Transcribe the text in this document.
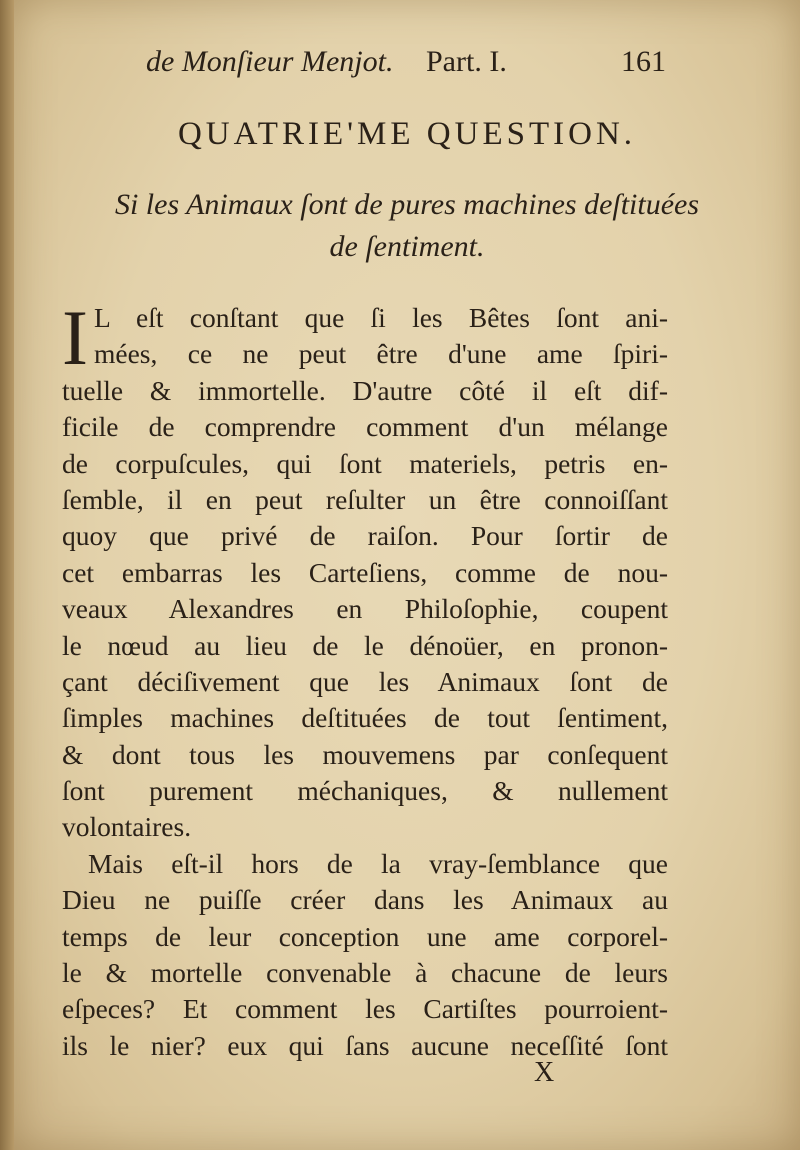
de Monſieur Menjot. Part. I.	161
QUATRIE'ME QUESTION.
Si les Animaux ſont de pures machines deſtituées
de ſentiment.
I L eſt conſtant que ſi les Bêtes ſont ani-
mées, ce ne peut être d'une ame ſpiri-
tuelle & immortelle. D'autre côté il eſt dif-
ficile de comprendre comment d'un mélange
de corpuſcules, qui ſont materiels, petris en-
ſemble, il en peut reſulter un être connoiſſant
quoy que privé de raiſon. Pour ſortir de
cet embarras les Carteſiens, comme de nou-
veaux Alexandres en Philoſophie, coupent
le nœud au lieu de le dénoüer, en pronon-
çant déciſivement que les Animaux ſont de
ſimples machines deſtituées de tout ſentiment,
& dont tous les mouvemens par conſequent
ſont purement méchaniques, & nullement
volontaires.
Mais eſt-il hors de la vray-ſemblance que
Dieu ne puiſſe créer dans les Animaux au
temps de leur conception une ame corporel-
le & mortelle convenable à chacune de leurs
eſpeces? Et comment les Cartiſtes pourroient-
ils le nier? eux qui ſans aucune neceſſité ſont
X
